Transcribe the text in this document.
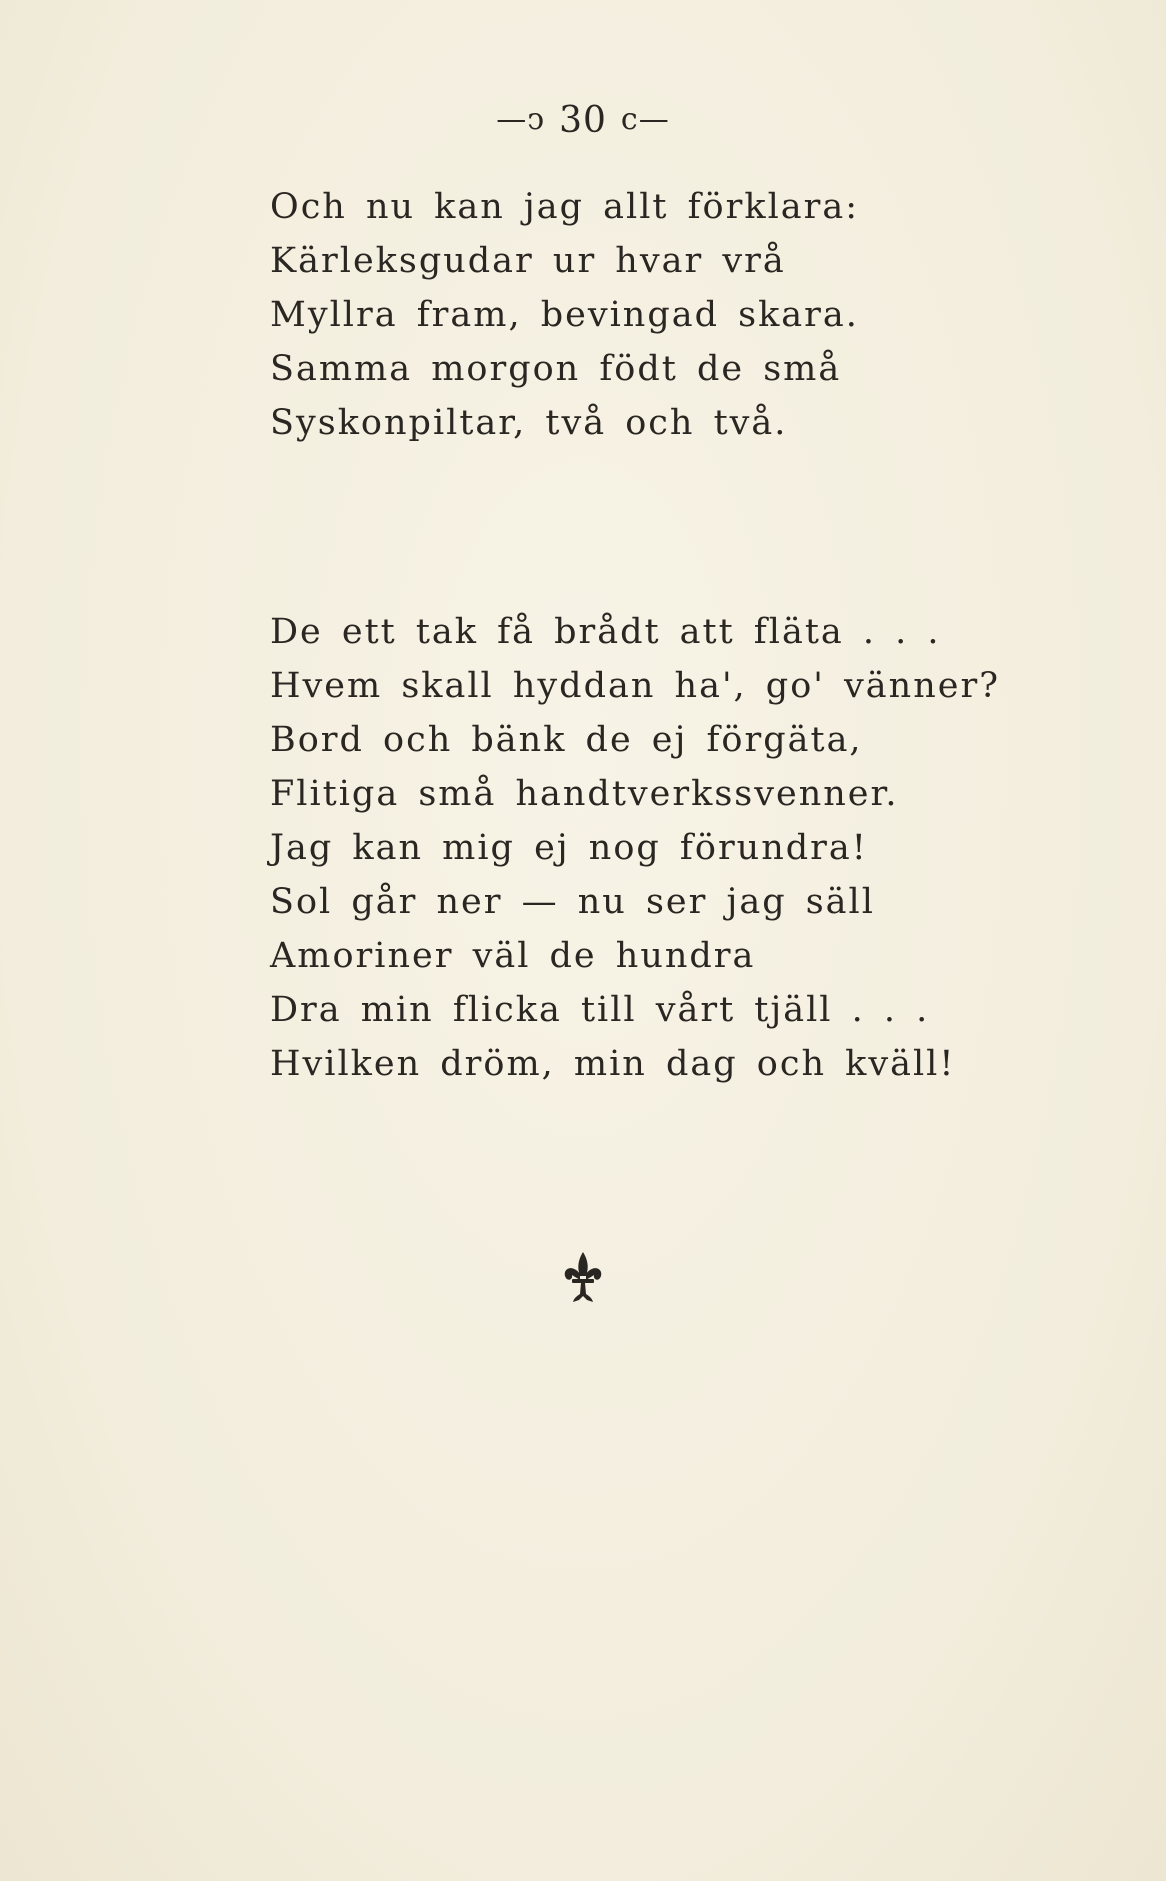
—ↄ 30 c—
Och nu kan jag allt förklara:
Kärleksgudar ur hvar vrå
Myllra fram, bevingad skara.
Samma morgon födt de små
Syskonpiltar, två och två.
De ett tak få brådt att fläta . . .
Hvem skall hyddan ha', go' vänner?
Bord och bänk de ej förgäta,
Flitiga små handtverkssvenner.
Jag kan mig ej nog förundra!
Sol går ner — nu ser jag säll
Amoriner väl de hundra
Dra min flicka till vårt tjäll . . .
Hvilken dröm, min dag och kväll!
